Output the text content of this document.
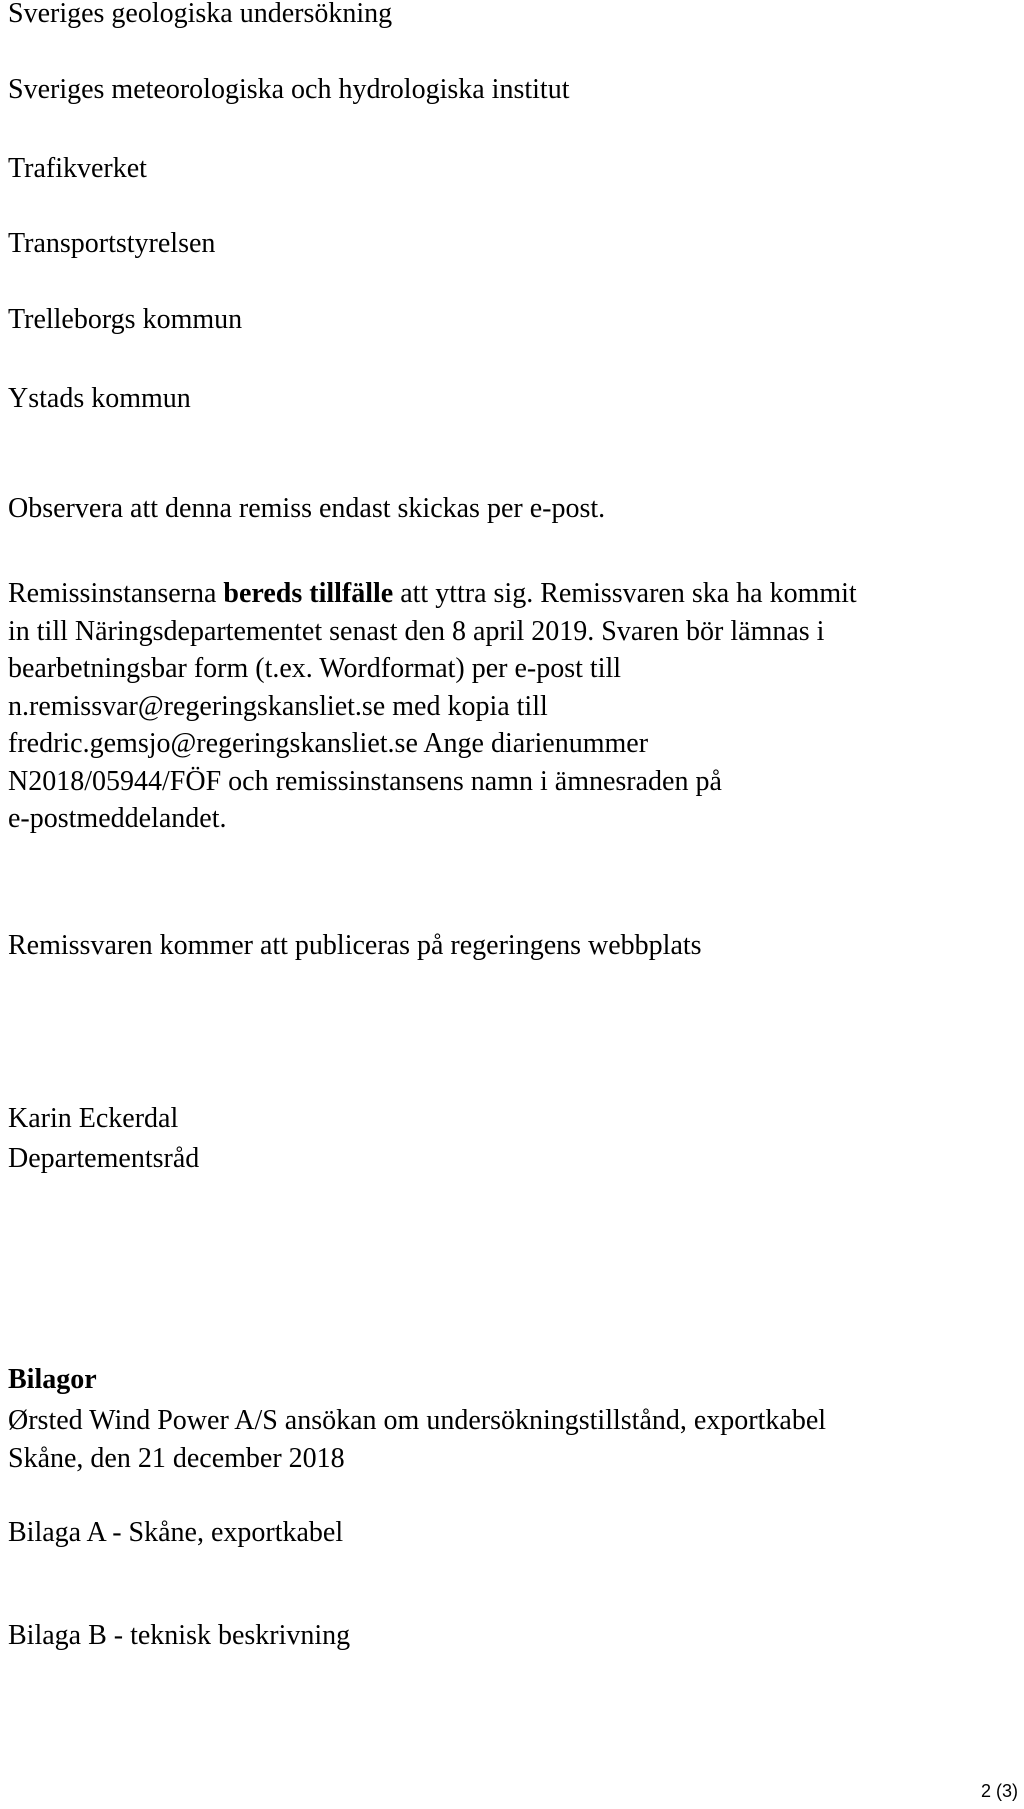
Sveriges geologiska undersökning
Sveriges meteorologiska och hydrologiska institut
Trafikverket
Transportstyrelsen
Trelleborgs kommun
Ystads kommun

Observera att denna remiss endast skickas per e-post.

Remissinstanserna bereds tillfälle att yttra sig. Remissvaren ska ha kommit
in till Näringsdepartementet senast den 8 april 2019. Svaren bör lämnas i
bearbetningsbar form (t.ex. Wordformat) per e-post till
n.remissvar@regeringskansliet.se med kopia till
fredric.gemsjo@regeringskansliet.se Ange diarienummer
N2018/05944/FÖF och remissinstansens namn i ämnesraden på
e-postmeddelandet.

Remissvaren kommer att publiceras på regeringens webbplats

Karin Eckerdal
Departementsråd
Bilagor
Ørsted Wind Power A/S ansökan om undersökningstillstånd, exportkabel
Skåne, den 21 december 2018
Bilaga A - Skåne, exportkabel
Bilaga B - teknisk beskrivning
2 (3)
